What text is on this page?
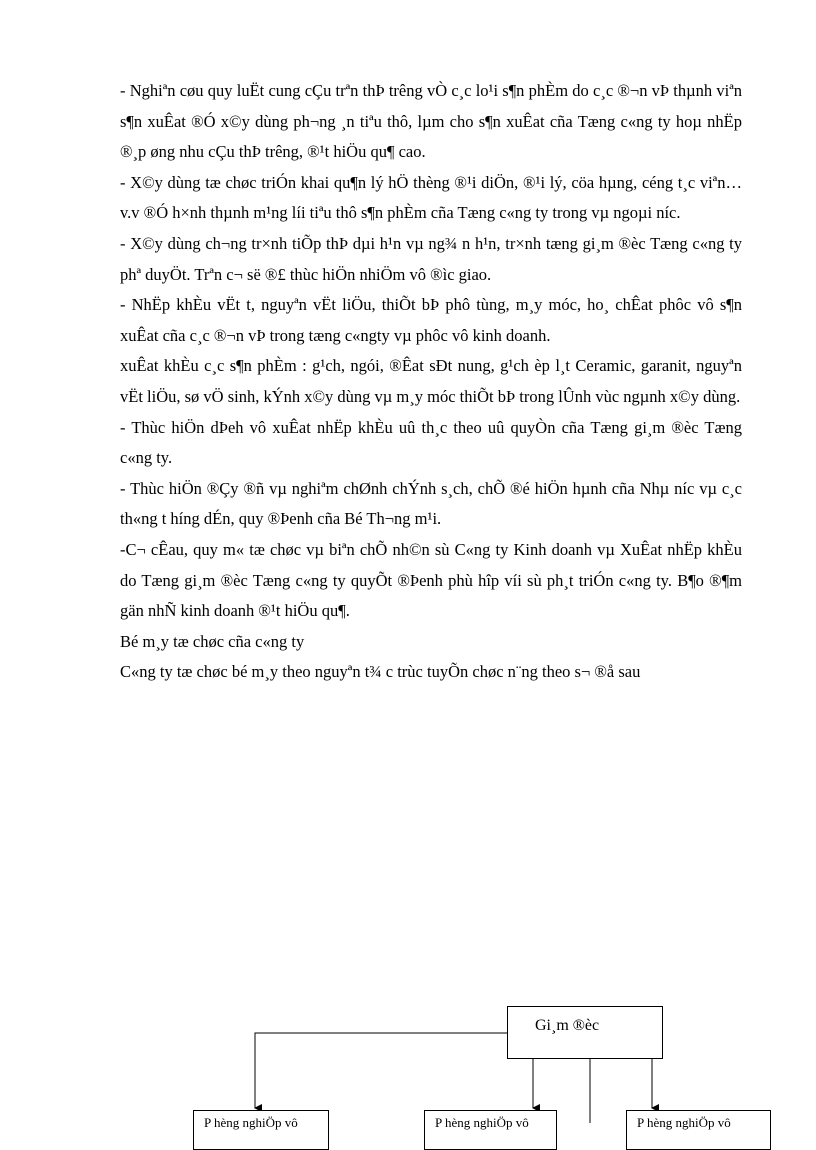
- Nghiªn cøu quy luËt cung cÇu trªn thÞ trêng vÒ c¸c lo¹i s¶n phÈm do c¸c ®¬n vÞ thµnh viªn s¶n xuÊat ®Ó x©y dùng ph¬ng ¸n tiªu thô, lµm cho s¶n xuÊat cña Tæng c«ng ty hoµ nhËp ®¸p øng nhu cÇu thÞ trêng, ®¹t hiÖu qu¶ cao.

- X©y dùng tæ chøc triÓn khai qu¶n lý hÖ thèng ®¹i diÖn, ®¹i lý, cöa hµng, céng t¸c viªn…v.v ®Ó h×nh thµnh m¹ng líi tiªu thô s¶n phÈm cña Tæng c«ng ty trong vµ ngoµi níc.

- X©y dùng ch¬ng tr×nh tiÕp thÞ dµi h¹n vµ ng¾ n h¹n, tr×nh tæng gi¸m ®èc Tæng c«ng ty phª duyÖt. Trªn c¬ së ®£ thùc hiÖn nhiÖm vô ®ìc giao.

- NhËp khÈu vËt t, nguyªn vËt liÖu, thiÕt bÞ phô tùng, m¸y móc, ho¸ chÊat phôc vô s¶n xuÊat cña c¸c ®¬n vÞ trong tæng c«ngty vµ phôc vô kinh doanh.

xuÊat khÈu c¸c s¶n phÈm : g¹ch, ngói, ®Êat sÐt nung, g¹ch èp l¸t Ceramic, garanit, nguyªn vËt liÖu, sø vÖ sinh, kÝnh x©y dùng vµ m¸y móc thiÕt bÞ trong lÛnh vùc ngµnh x©y dùng.

- Thùc hiÖn dÞeh vô xuÊat nhËp khÈu uû th¸c theo uû quyÒn cña Tæng gi¸m ®èc Tæng c«ng ty.

- Thùc hiÖn ®Çy ®ñ vµ nghiªm chØnh chÝnh s¸ch, chÕ ®é hiÖn hµnh cña Nhµ níc vµ c¸c th«ng t híng dÉn, quy ®Þenh cña Bé Th¬ng m¹i.

-C¬ cÊau, quy m« tæ chøc vµ biªn chÕ nh©n sù C«ng ty Kinh doanh vµ XuÊat nhËp khÈu do Tæng gi¸m ®èc Tæng c«ng ty quyÕt ®Þenh phù hîp víi sù ph¸t triÓn c«ng ty. B¶o ®¶m gän nhÑ kinh doanh ®¹t hiÖu qu¶.

Bé m¸y tæ chøc cña c«ng ty

C«ng ty tæ chøc bé m¸y theo nguyªn t¾ c trùc tuyÕn chøc n¨ng theo s¬ ®å sau

Gi¸m ®èc
P hèng nghiÖp vô	P hèng nghiÖp vô	P hèng nghiÖp vô
